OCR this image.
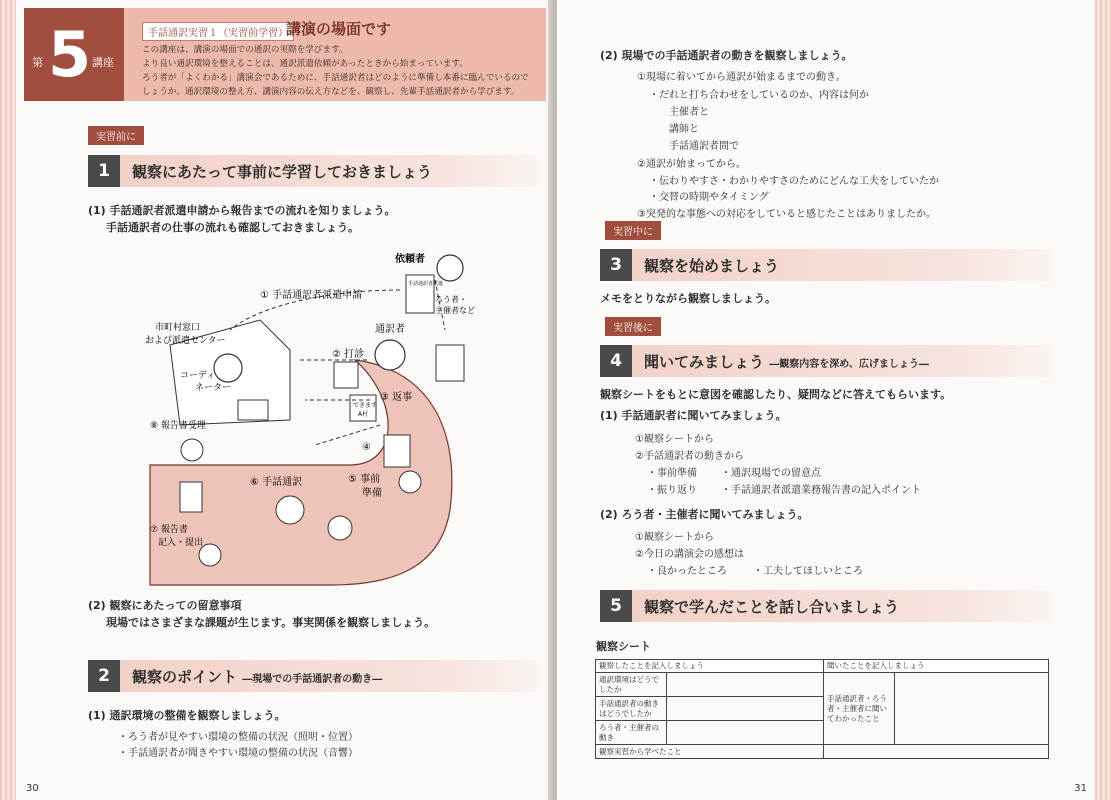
第 5 講座
手話通訳実習１（実習前学習）
講演の場面です
この講座は、講演の場面での通訳の実際を学びます。
より良い通訳環境を整えることは、通訳派遣依頼があったときから始まっています。
ろう者が「よくわかる」講演会であるために、手話通訳者はどのように準備し本番に臨んでいるので
しょうか。通訳環境の整え方、講演内容の伝え方などを、観察し、先輩手話通訳者から学びます。
実習前に
1	観察にあたって事前に学習しておきましょう
(1) 手話通訳者派遣申請から報告までの流れを知りましょう。
手話通訳者の仕事の流れも確認しておきましょう。
依頼者
① 手話通訳者派遣申請
市町村窓口
および派遣センター
コーディ
ネーター
通訳者
② 打診
③ 返事
④
⑤ 事前
準備
⑥ 手話通訳
⑦ 報告書
記入・提出
⑧ 報告書受理
ろう者・
主催者など
手話通訳者派遣
できます
A村
(2) 観察にあたっての留意事項
現場ではさまざまな課題が生じます。事実関係を観察しましょう。
2	観察のポイント ―現場での手話通訳者の動き―
(1) 通訳環境の整備を観察しましょう。
・ろう者が見やすい環境の整備の状況（照明・位置）
・手話通訳者が聞きやすい環境の整備の状況（音響）
30
(2) 現場での手話通訳者の動きを観察しましょう。
①現場に着いてから通訳が始まるまでの動き。
・だれと打ち合わせをしているのか、内容は何か
主催者と
講師と
手話通訳者間で
②通訳が始まってから。
・伝わりやすさ・わかりやすさのためにどんな工夫をしていたか
・交替の時期やタイミング
③突発的な事態への対応をしていると感じたことはありましたか。
実習中に
3	観察を始めましょう
メモをとりながら観察しましょう。
実習後に
4	聞いてみましょう ―観察内容を深め、広げましょう―
観察シートをもとに意図を確認したり、疑問などに答えてもらいます。
(1) 手話通訳者に聞いてみましょう。
①観察シートから
②手話通訳者の動きから
・事前準備 ・通訳現場での留意点
・振り返り ・手話通訳者派遣業務報告書の記入ポイント
(2) ろう者・主催者に聞いてみましょう。
①観察シートから
②今日の講演会の感想は
・良かったところ	・工夫してほしいところ
5	観察で学んだことを話し合いましょう
31
観察シート
観察したことを記入しましょう		聞いたことを記入しましょう	
通訳環境はどうでしたか		手話通訳者・ろう者・主催者に聞いてわかったこと	
手話通訳者の動きはどうでしたか			
ろう者・主催者の動き			
観察実習から学べたこと			
